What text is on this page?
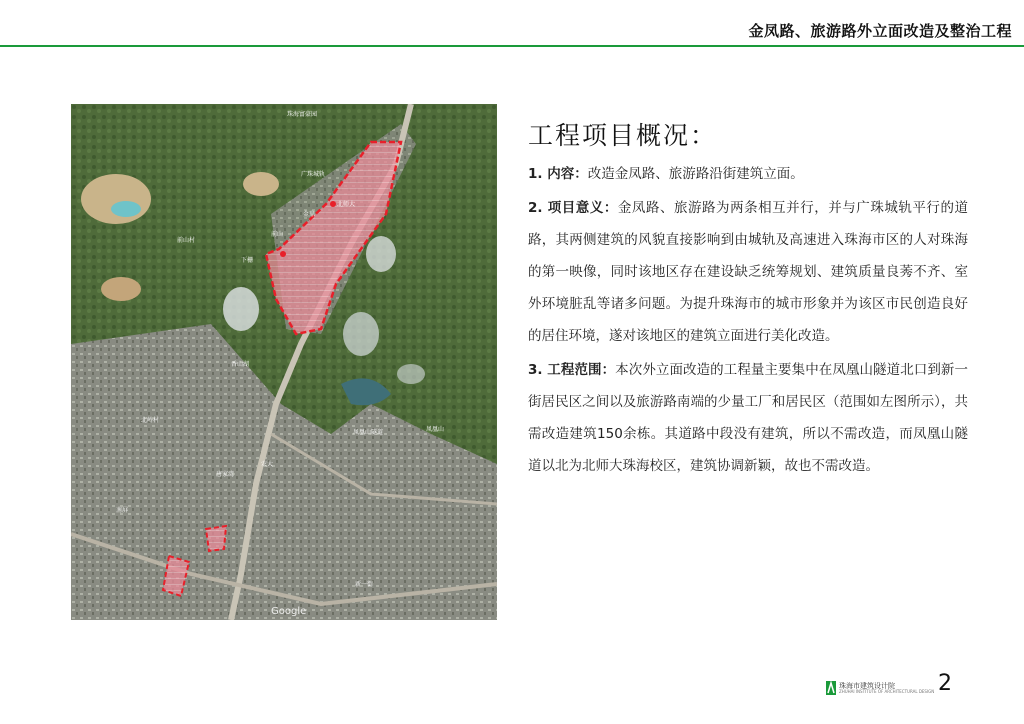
金凤路、旅游路外立面改造及整治工程
珠海富豪园
广珠城轨
前山
北师大
凤凰山隧道	凤凰山
新一街
农大
下栅
金鼎
唐家湾
香山湖
北岭村
前山村
南屏
Google
工程项目概况：

1. 内容：改造金凤路、旅游路沿街建筑立面。

2. 项目意义：金凤路、旅游路为两条相互并行，并与广珠城轨平行的道路，其两侧建筑的风貌直接影响到由城轨及高速进入珠海市区的人对珠海的第一映像，同时该地区存在建设缺乏统筹规划、建筑质量良莠不齐、室外环境脏乱等诸多问题。为提升珠海市的城市形象并为该区市民创造良好的居住环境，遂对该地区的建筑立面进行美化改造。

3. 工程范围：本次外立面改造的工程量主要集中在凤凰山隧道北口到新一街居民区之间以及旅游路南端的少量工厂和居民区（范围如左图所示），共需改造建筑150余栋。其道路中段没有建筑，所以不需改造，而凤凰山隧道以北为北师大珠海校区，建筑协调新颖，故也不需改造。

珠海市建筑设计院
ZHUHAI INSTITUTE OF ARCHITECTURAL DESIGN 2
